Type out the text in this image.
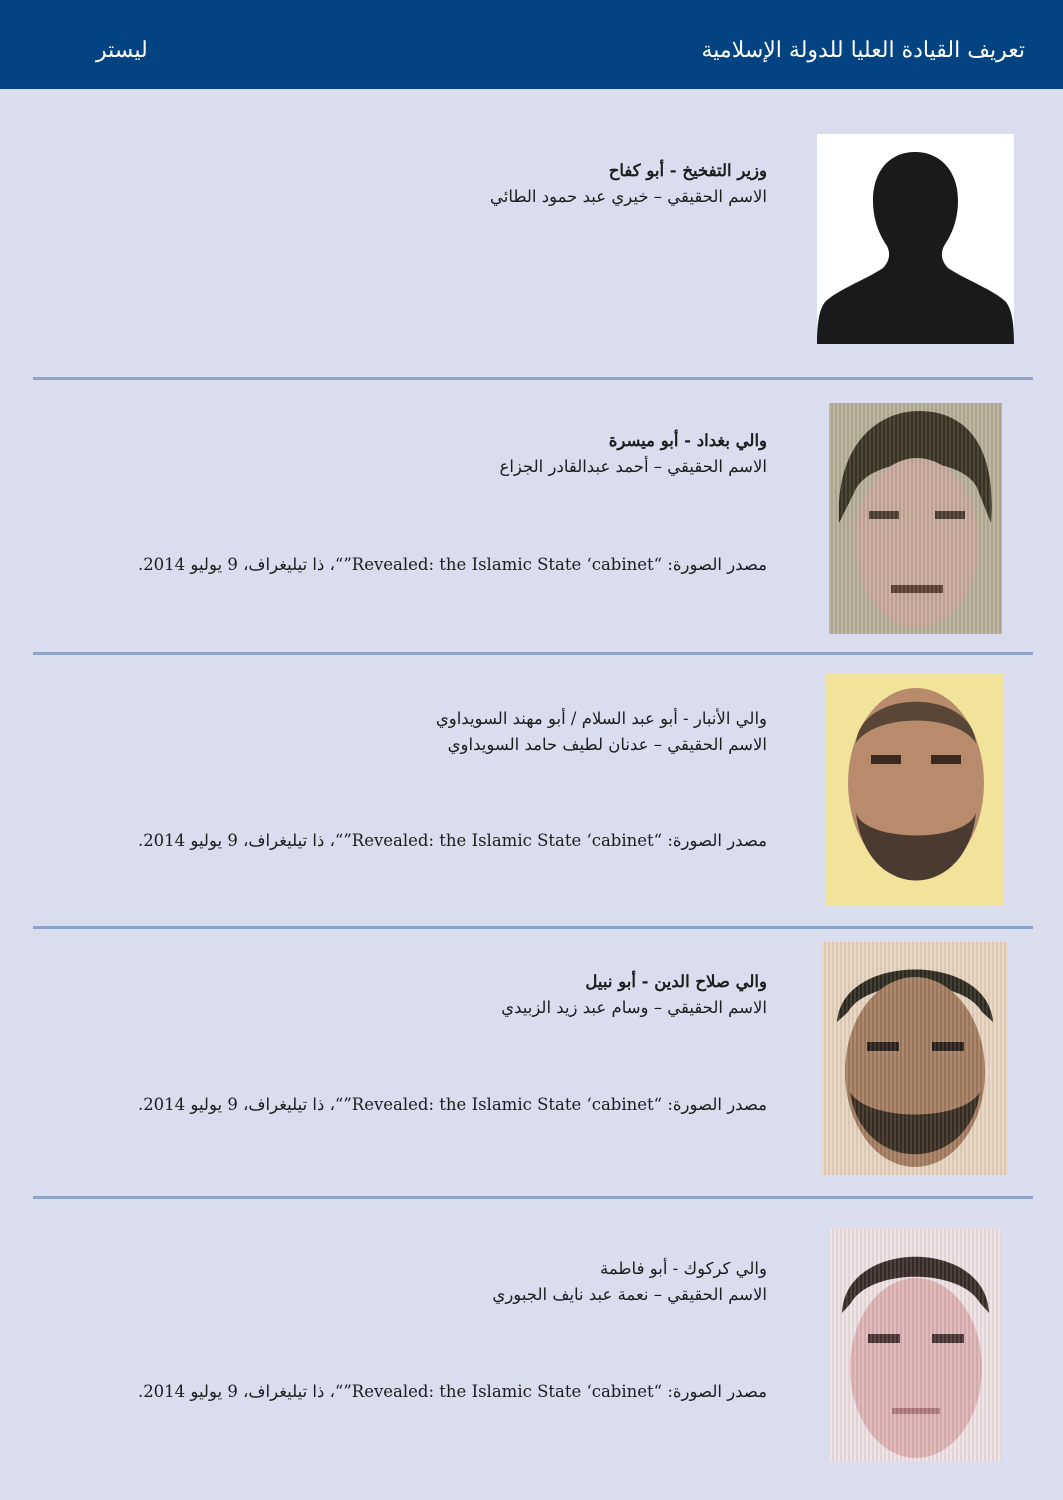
تعريف القيادة العليا للدولة الإسلامية
ليستر
وزير التفخيخ - أبو كفاح
الاسم الحقيقي – خيري عبد حمود الطائي
والي بغداد - أبو ميسرة
الاسم الحقيقي – أحمد عبدالقادر الجزاع
مصدر الصورة: “Revealed: the Islamic State ‘cabinet”“، ذا تيليغراف، 9 يوليو 2014.
والي الأنبار - أبو عبد السلام / أبو مهند السويداوي
الاسم الحقيقي – عدنان لطيف حامد السويداوي
مصدر الصورة: “Revealed: the Islamic State ‘cabinet”“، ذا تيليغراف، 9 يوليو 2014.
والي صلاح الدين - أبو نبيل
الاسم الحقيقي – وسام عبد زيد الزبيدي
مصدر الصورة: “Revealed: the Islamic State ‘cabinet”“، ذا تيليغراف، 9 يوليو 2014.
والي كركوك - أبو فاطمة
الاسم الحقيقي – نعمة عبد نايف الجبوري
مصدر الصورة: “Revealed: the Islamic State ‘cabinet”“، ذا تيليغراف، 9 يوليو 2014.
